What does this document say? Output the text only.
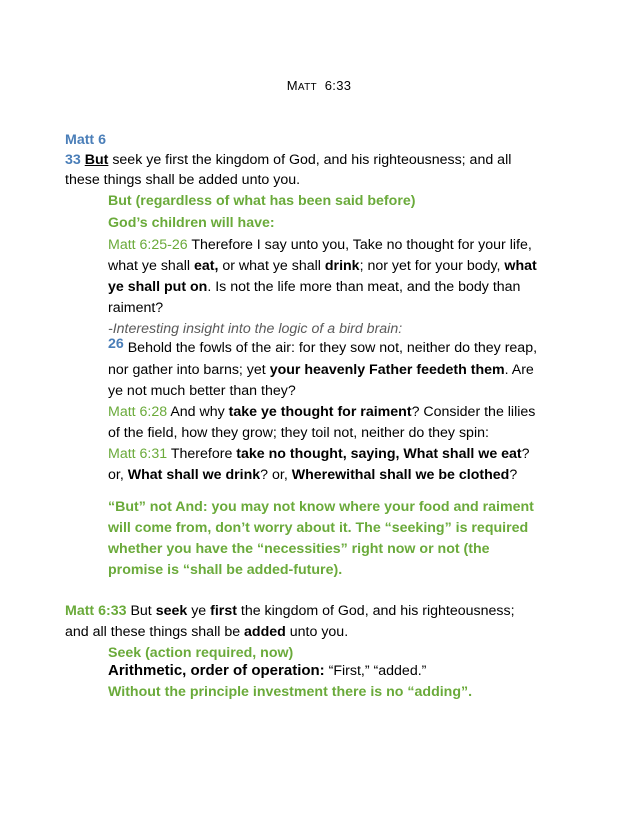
MATT 6:33
Matt 6
33 But seek ye first the kingdom of God, and his righteousness; and all
these things shall be added unto you.
But (regardless of what has been said before)
God’s children will have:
Matt 6:25-26 Therefore I say unto you, Take no thought for your life,
what ye shall eat, or what ye shall drink; nor yet for your body, what
ye shall put on. Is not the life more than meat, and the body than
raiment?
-Interesting insight into the logic of a bird brain:
26 Behold the fowls of the air: for they sow not, neither do they reap,
nor gather into barns; yet your heavenly Father feedeth them. Are
ye not much better than they?
Matt 6:28 And why take ye thought for raiment? Consider the lilies
of the field, how they grow; they toil not, neither do they spin:
Matt 6:31 Therefore take no thought, saying, What shall we eat?
or, What shall we drink? or, Wherewithal shall we be clothed?
“But” not And: you may not know where your food and raiment
will come from, don’t worry about it. The “seeking” is required
whether you have the “necessities” right now or not (the
promise is “shall be added-future).
Matt 6:33 But seek ye first the kingdom of God, and his righteousness;
and all these things shall be added unto you.
Seek (action required, now)
Arithmetic, order of operation: “First,” “added.”
Without the principle investment there is no “adding”.
